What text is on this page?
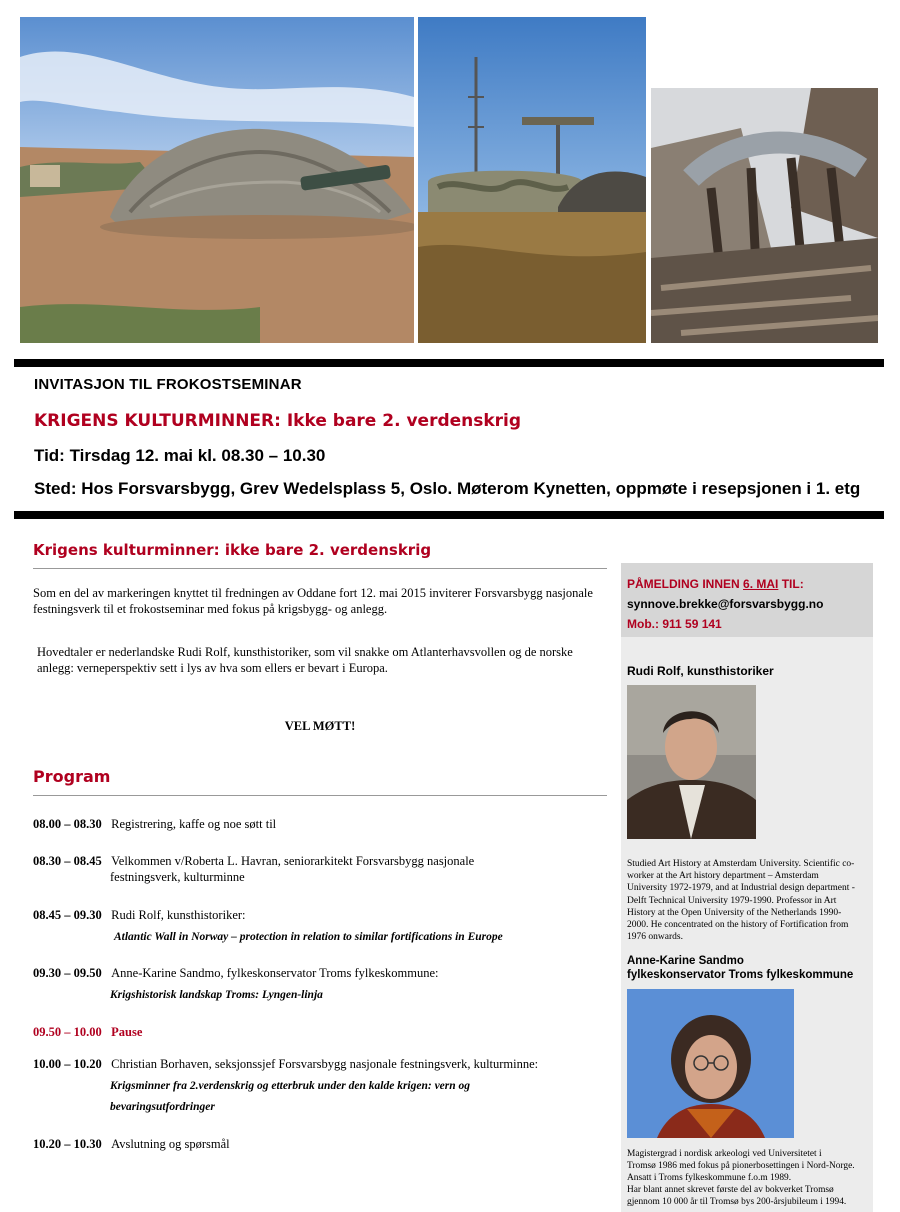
INVITASJON TIL FROKOSTSEMINAR
KRIGENS KULTURMINNER: Ikke bare 2. verdenskrig
Tid: Tirsdag 12. mai kl. 08.30 – 10.30
Sted: Hos Forsvarsbygg, Grev Wedelsplass 5, Oslo. Møterom Kynetten, oppmøte i resepsjonen i 1. etg
Krigens kulturminner: ikke bare 2. verdenskrig
Som en del av markeringen knyttet til fredningen av Oddane fort 12. mai 2015 inviterer Forsvarsbygg nasjonale festningsverk til et frokostseminar med fokus på krigsbygg- og anlegg.
Hovedtaler er nederlandske Rudi Rolf, kunsthistoriker, som vil snakke om Atlanterhavsvollen og de norske anlegg: verneperspektiv sett i lys av hva som ellers er bevart i Europa.
VEL MØTT!
Program
08.00 – 08.30 Registrering, kaffe og noe søtt til
08.30 – 08.45 Velkommen v/Roberta L. Havran, seniorarkitekt Forsvarsbygg nasjonale
festningsverk, kulturminne
08.45 – 09.30 Rudi Rolf, kunsthistoriker:
Atlantic Wall in Norway – protection in relation to similar fortifications in Europe
09.30 – 09.50 Anne-Karine Sandmo, fylkeskonservator Troms fylkeskommune:
Krigshistorisk landskap Troms: Lyngen-linja
09.50 – 10.00 Pause
10.00 – 10.20 Christian Borhaven, seksjonssjef Forsvarsbygg nasjonale festningsverk, kulturminne:
Krigsminner fra 2.verdenskrig og etterbruk under den kalde krigen: vern og
bevaringsutfordringer
10.20 – 10.30 Avslutning og spørsmål
PÅMELDING INNEN 6. MAI TIL:
synnove.brekke@forsvarsbygg.no
Mob.: 911 59 141
Rudi Rolf, kunsthistoriker
Studied Art History at Amsterdam University. Scientific co-worker at the Art history department – Amsterdam University 1972-1979, and at Industrial design department - Delft Technical University 1979-1990. Professor in Art History at the Open University of the Netherlands 1990-2000. He concentrated on the history of Fortification from 1976 onwards.
Anne-Karine Sandmo
fylkeskonservator Troms fylkeskommune
Magistergrad i nordisk arkeologi ved Universitetet i
Tromsø 1986 med fokus på pionerbosettingen i Nord-Norge.
Ansatt i Troms fylkeskommune f.o.m 1989.
Har blant annet skrevet første del av bokverket Tromsø
gjennom 10 000 år til Tromsø bys 200-årsjubileum i 1994.
